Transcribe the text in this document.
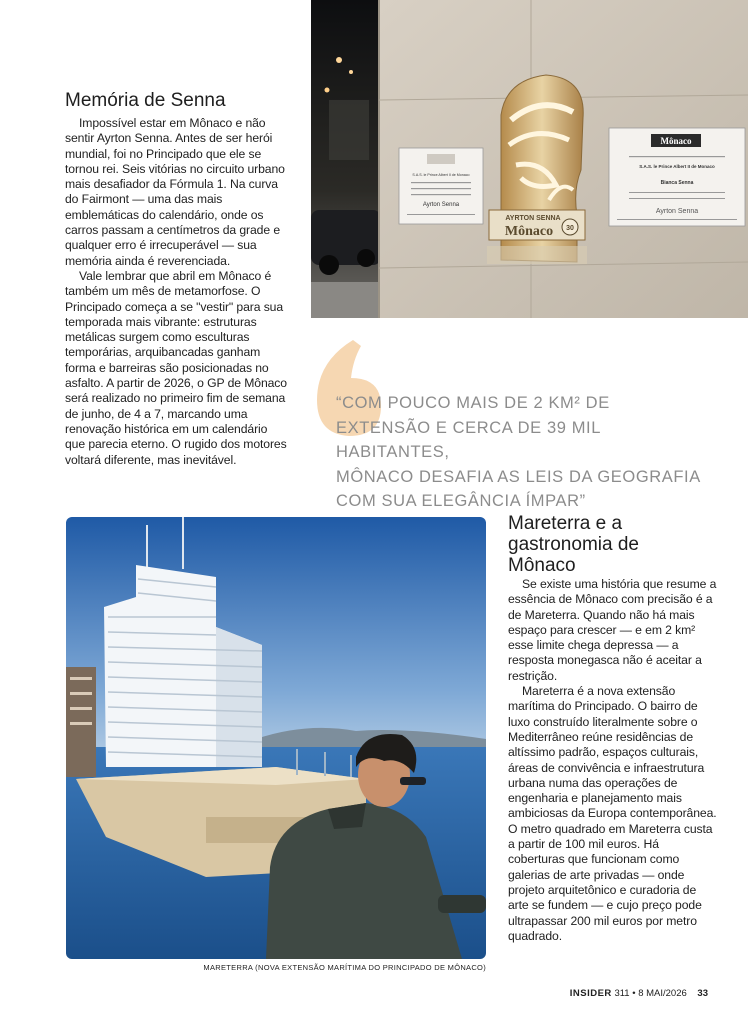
Memória de Senna

Impossível estar em Mônaco e não sentir Ayrton Senna. Antes de ser herói mundial, foi no Principado que ele se tornou rei. Seis vitórias no circuito urbano mais desafiador da Fórmula 1. Na curva do Fairmont — uma das mais emblemáticas do calendário, onde os carros passam a centímetros da grade e qualquer erro é irrecuperável — sua memória ainda é reverenciada.

Vale lembrar que abril em Mônaco é também um mês de metamorfose. O Principado começa a se "vestir" para sua temporada mais vibrante: estruturas metálicas surgem como esculturas temporárias, arquibancadas ganham forma e barreiras são posicionadas no asfalto. A partir de 2026, o GP de Mônaco será realizado no primeiro fim de semana de junho, de 4 a 7, marcando uma renovação histórica em um calendário que parecia eterno. O rugido dos motores voltará diferente, mas inevitável.

S.A.S. le Prince Albert II de Monaco
Ayrton Senna
AYRTON SENNA
Mônaco 30
Mônaco
S.A.S. le Prince Albert II de Monaco
Bianca Senna
Ayrton Senna
“COM POUCO MAIS DE 2 KM² DE
EXTENSÃO E CERCA DE 39 MIL HABITANTES,
MÔNACO DESAFIA AS LEIS DA GEOGRAFIA
COM SUA ELEGÂNCIA ÍMPAR”
MARETERRA (NOVA EXTENSÃO MARÍTIMA DO PRINCIPADO DE MÔNACO)
Mareterra e a
gastronomia de
Mônaco

Se existe uma história que resume a essência de Mônaco com precisão é a de Mareterra. Quando não há mais espaço para crescer — e em 2 km² esse limite chega depressa — a resposta monegasca não é aceitar a restrição.

Mareterra é a nova extensão marítima do Principado. O bairro de luxo construído literalmente sobre o Mediterrâneo reúne residências de altíssimo padrão, espaços culturais, áreas de convivência e infraestrutura urbana numa das operações de engenharia e planejamento mais ambiciosas da Europa contemporânea. O metro quadrado em Mareterra custa a partir de 100 mil euros. Há coberturas que funcionam como galerias de arte privadas — onde projeto arquitetônico e curadoria de arte se fundem — e cujo preço pode ultrapassar 200 mil euros por metro quadrado.

INSIDER 311 • 8 MAI/2026 33
